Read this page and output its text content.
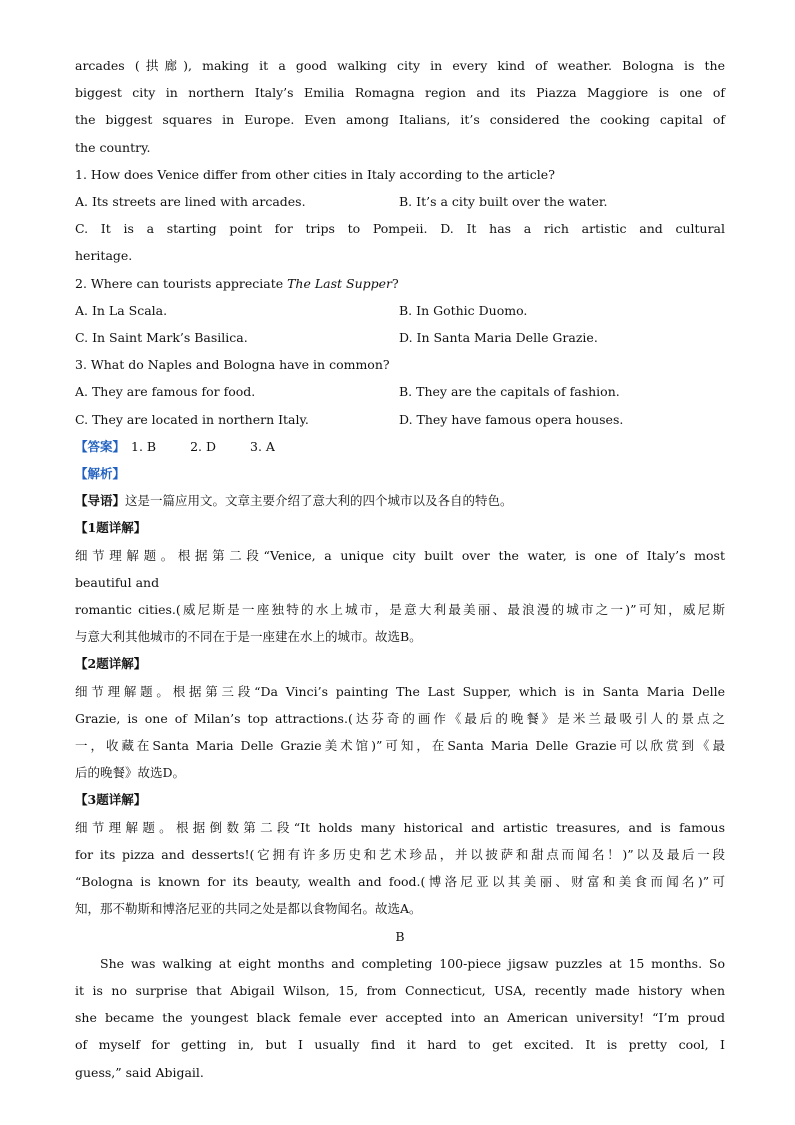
arcades (拱廊), making it a good walking city in every kind of weather. Bologna is the
biggest city in northern Italy’s Emilia Romagna region and its Piazza Maggiore is one of
the biggest squares in Europe. Even among Italians, it’s considered the cooking capital of
the country.
1. How does Venice differ from other cities in Italy according to the article?
A. Its streets are lined with arcades.	B. It’s a city built over the water.
C. It is a starting point for trips to Pompeii. D. It has a rich artistic and cultural
heritage.
2. Where can tourists appreciate The Last Supper?
A. In La Scala.	B. In Gothic Duomo.
C. In Saint Mark’s Basilica.	D. In Santa Maria Delle Grazie.
3. What do Naples and Bologna have in common?
A. They are famous for food.	B. They are the capitals of fashion.
C. They are located in northern Italy.	D. They have famous opera houses.
【答案】 1. B	2. D	3. A
【解析】
【导语】这是一篇应用文。文章主要介绍了意大利的四个城市以及各自的特色。
【1题详解】
细节理解题。根据第二段“Venice, a unique city built over the water, is one of Italy’s most
beautiful and
romantic cities.(威尼斯是一座独特的水上城市，是意大利最美丽、最浪漫的城市之一)”可知，威尼斯
与意大利其他城市的不同在于是一座建在水上的城市。故选B。
【2题详解】
细节理解题。根据第三段“Da Vinci’s painting The Last Supper, which is in Santa Maria Delle
Grazie, is one of Milan’s top attractions.(达芬奇的画作《最后的晚餐》是米兰最吸引人的景点之
一，收藏在Santa Maria Delle Grazie美术馆)”可知，在Santa Maria Delle Grazie可以欣赏到《最
后的晚餐》故选D。
【3题详解】
细节理解题。根据倒数第二段“It holds many historical and artistic treasures, and is famous
for its pizza and desserts!(它拥有许多历史和艺术珍品，并以披萨和甜点而闻名！)”以及最后一段
“Bologna is known for its beauty, wealth and food.(博洛尼亚以其美丽、财富和美食而闻名)”可
知，那不勒斯和博洛尼亚的共同之处是都以食物闻名。故选A。
B
She was walking at eight months and completing 100-piece jigsaw puzzles at 15 months. So
it is no surprise that Abigail Wilson, 15, from Connecticut, USA, recently made history when
she became the youngest black female ever accepted into an American university! “I’m proud
of myself for getting in, but I usually find it hard to get excited. It is pretty cool, I
guess,” said Abigail.
